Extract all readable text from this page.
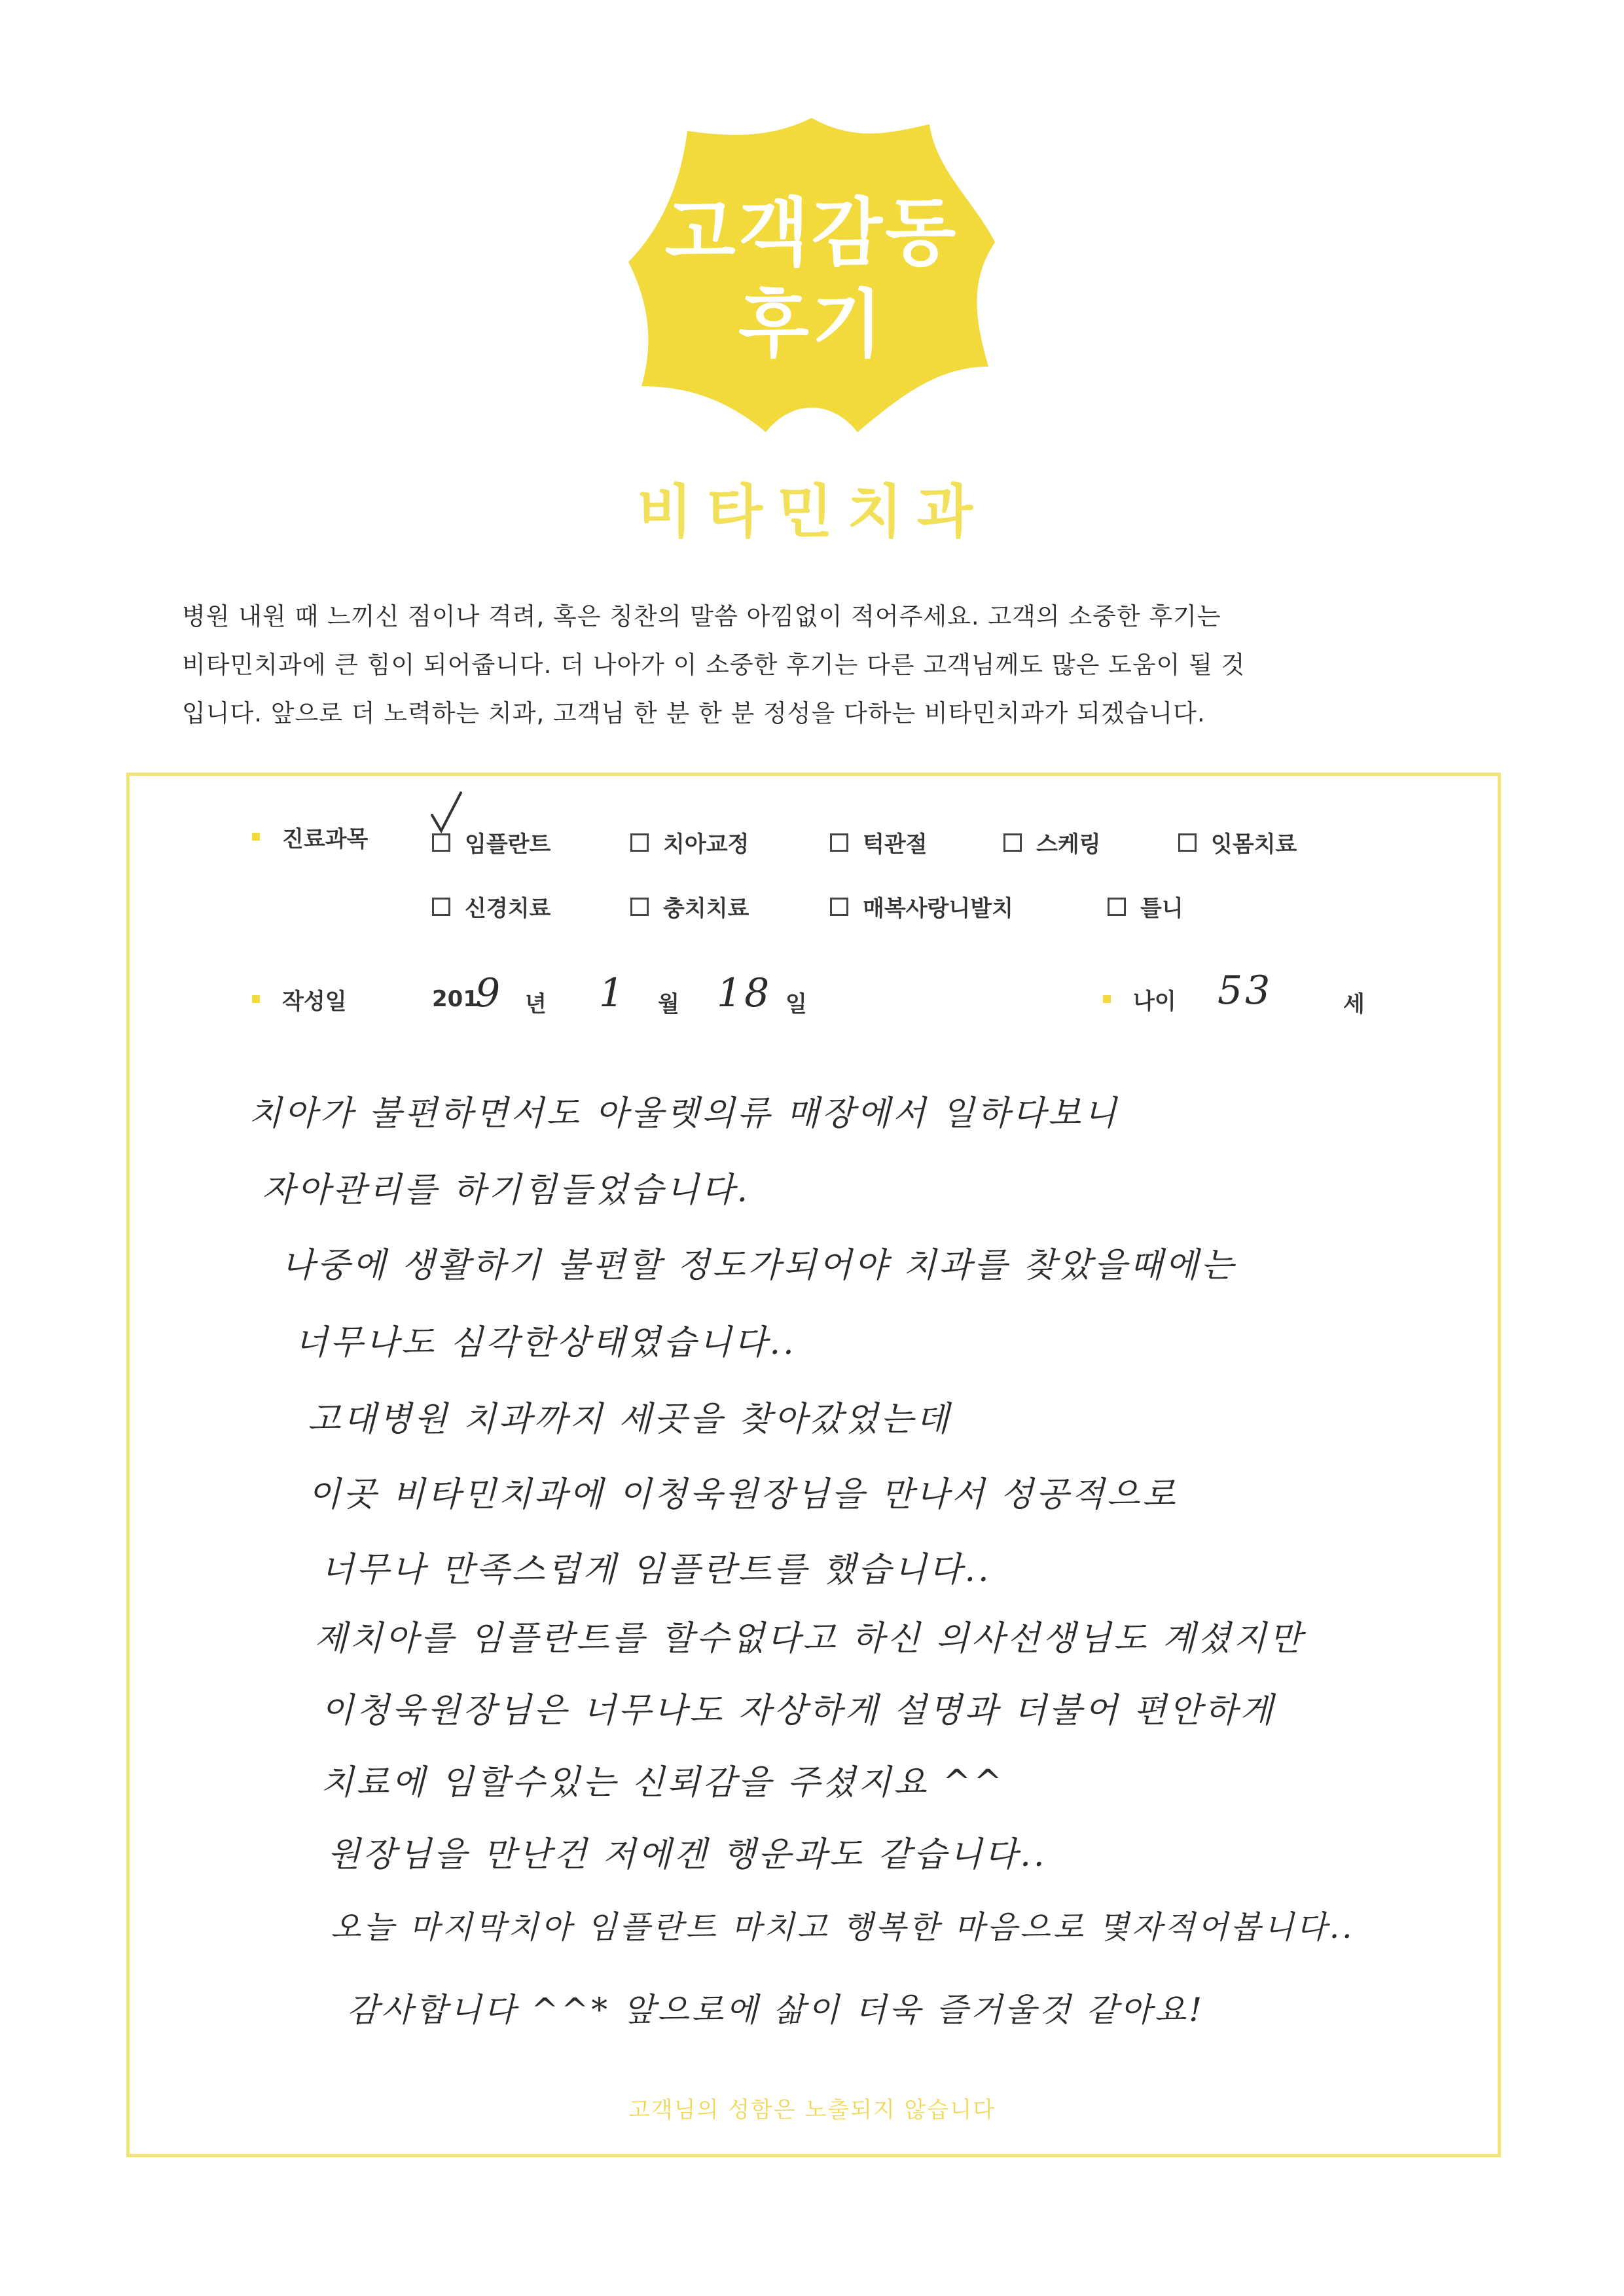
고객감동
후기
비타민치과
병원 내원 때 느끼신 점이나 격려, 혹은 칭찬의 말씀 아낌없이 적어주세요. 고객의 소중한 후기는
비타민치과에 큰 힘이 되어줍니다. 더 나아가 이 소중한 후기는 다른 고객님께도 많은 도움이 될 것
입니다. 앞으로 더 노력하는 치과, 고객님 한 분 한 분 정성을 다하는 비타민치과가 되겠습니다.
진료과목	임플란트	치아교정	턱관절	스케링	잇몸치료
신경치료	충치치료	매복사랑니발치	틀니
작성일	201
9 년 1 월 18 일	나이 53	세
치아가 불편하면서도 아울렛의류 매장에서 일하다보니
자아관리를 하기힘들었습니다.
나중에 생활하기 불편할 정도가되어야 치과를 찾았을때에는
너무나도 심각한상태였습니다..
고대병원 치과까지 세곳을 찾아갔었는데
이곳 비타민치과에 이청욱원장님을 만나서 성공적으로
너무나 만족스럽게 임플란트를 했습니다..
제치아를 임플란트를 할수없다고 하신 의사선생님도 계셨지만
이청욱원장님은 너무나도 자상하게 설명과 더불어 편안하게
치료에 임할수있는 신뢰감을 주셨지요 ^^
원장님을 만난건 저에겐 행운과도 같습니다..
오늘 마지막치아 임플란트 마치고 행복한 마음으로 몇자적어봅니다..
감사합니다 ^^* 앞으로에 삶이 더욱 즐거울것 같아요!
고객님의 성함은 노출되지 않습니다
